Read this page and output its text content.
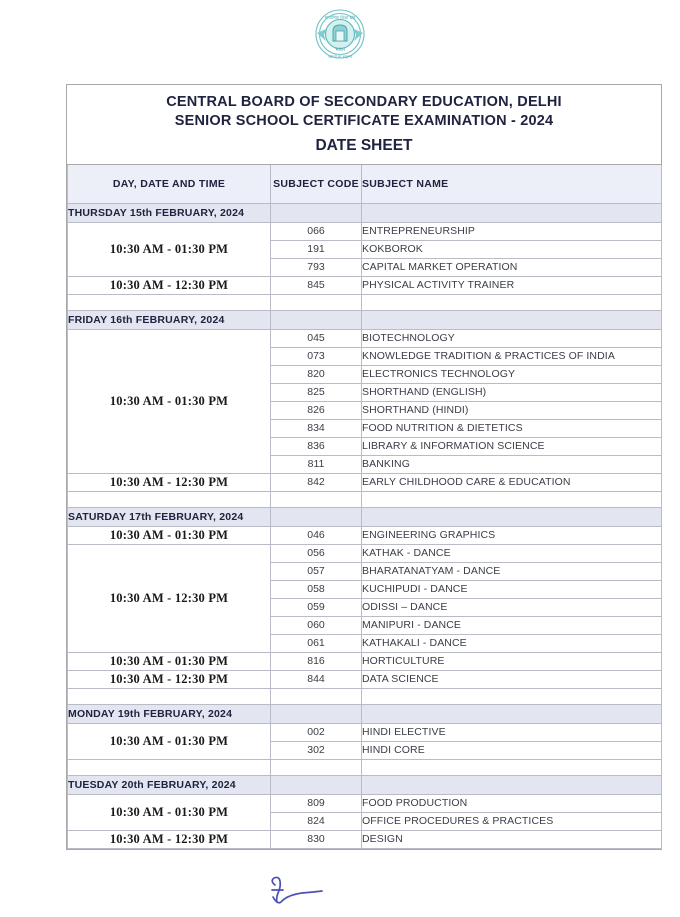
भारत
माध्यमिक शिक्षा बोर्ड
असतो मा सद्गमय
CENTRAL BOARD OF SECONDARY EDUCATION, DELHI
SENIOR SCHOOL CERTIFICATE EXAMINATION - 2024
DATE SHEET
DAY, DATE AND TIME	SUBJECT CODE	SUBJECT NAME
THURSDAY 15th FEBRUARY, 2024		
10:30 AM - 01:30 PM	066	ENTREPRENEURSHIP
	191	KOKBOROK
	793	CAPITAL MARKET OPERATION
10:30 AM - 12:30 PM	845	PHYSICAL ACTIVITY TRAINER

FRIDAY 16th FEBRUARY, 2024		
10:30 AM - 01:30 PM	045	BIOTECHNOLOGY
	073	KNOWLEDGE TRADITION & PRACTICES OF INDIA
	820	ELECTRONICS TECHNOLOGY
	825	SHORTHAND (ENGLISH)
	826	SHORTHAND (HINDI)
	834	FOOD NUTRITION & DIETETICS
	836	LIBRARY & INFORMATION SCIENCE
	811	BANKING
10:30 AM - 12:30 PM	842	EARLY CHILDHOOD CARE & EDUCATION

SATURDAY 17th FEBRUARY, 2024		
10:30 AM - 01:30 PM	046	ENGINEERING GRAPHICS
10:30 AM - 12:30 PM	056	KATHAK - DANCE
	057	BHARATANATYAM - DANCE
	058	KUCHIPUDI - DANCE
	059	ODISSI – DANCE
	060	MANIPURI - DANCE
	061	KATHAKALI - DANCE
10:30 AM - 01:30 PM	816	HORTICULTURE
10:30 AM - 12:30 PM	844	DATA SCIENCE

MONDAY 19th FEBRUARY, 2024		
10:30 AM - 01:30 PM	002	HINDI ELECTIVE
	302	HINDI CORE

TUESDAY 20th FEBRUARY, 2024		
10:30 AM - 01:30 PM	809	FOOD PRODUCTION
	824	OFFICE PROCEDURES & PRACTICES
10:30 AM - 12:30 PM	830	DESIGN
